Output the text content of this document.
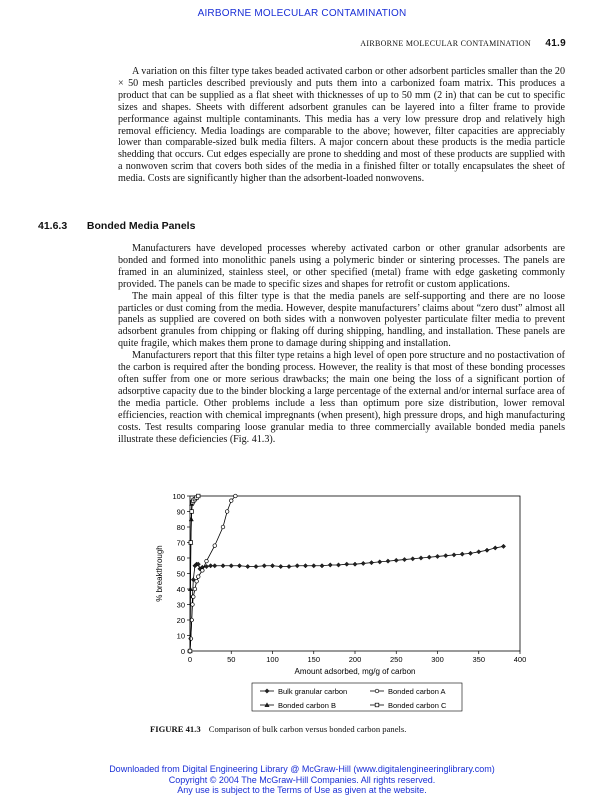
AIRBORNE MOLECULAR CONTAMINATION
AIRBORNE MOLECULAR CONTAMINATION 41.9

A variation on this filter type takes beaded activated carbon or other adsorbent particles smaller than the 20 × 50 mesh particles described previously and puts them into a carbonized foam matrix. This produces a product that can be supplied as a flat sheet with thicknesses of up to 50 mm (2 in) that can be cut to specific sizes and shapes. Sheets with different adsorbent granules can be layered into a filter frame to provide performance against multiple contaminants. This media has a very low pressure drop and relatively high removal efficiency. Media loadings are comparable to the above; however, filter capacities are appreciably lower than comparable-sized bulk media filters. A major concern about these products is the media particle shedding that occurs. Cut edges especially are prone to shedding and most of these products are supplied with a nonwoven scrim that covers both sides of the media in a finished filter or totally encapsulates the sheet of media. Costs are significantly higher than the adsorbent-loaded nonwovens.

41.6.3 Bonded Media Panels

Manufacturers have developed processes whereby activated carbon or other granular adsorbents are bonded and formed into monolithic panels using a polymeric binder or sintering processes. The panels are framed in an aluminized, stainless steel, or other specified (metal) frame with edge gasketing commonly provided. The panels can be made to specific sizes and shapes for retrofit or custom applications.

The main appeal of this filter type is that the media panels are self-supporting and there are no loose particles or dust coming from the media. However, despite manufacturers’ claims about “zero dust” almost all panels as supplied are covered on both sides with a nonwoven polyester particulate filter media to prevent adsorbent granules from chipping or flaking off during shipping, handling, and installation. These panels are quite fragile, which makes them prone to damage during shipping and installation.

Manufacturers report that this filter type retains a high level of open pore structure and no postactivation of the carbon is required after the bonding process. However, the reality is that most of these bonding processes often suffer from one or more serious drawbacks; the main one being the loss of a significant portion of adsorptive capacity due to the binder blocking a large percentage of the external and/or internal surface area of the media particle. Other problems include a less than optimum pore size distribution, lower removal efficiencies, reaction with chemical impregnants (when present), high pressure drops, and high manufacturing costs. Test results comparing loose granular media to three commercially available bonded media panels illustrate these deficiencies (Fig. 41.3).

0
10
20
30
40
50
60
70
80
90
100
0	50	100	150	200	250	300	350	400
Amount adsorbed, mg/g of carbon
% breakthrough
Bulk granular carbon	Bonded carbon A
Bonded carbon B	Bonded carbon C
FIGURE 41.3 Comparison of bulk carbon versus bonded carbon panels.
Downloaded from Digital Engineering Library @ McGraw-Hill (www.digitalengineeringlibrary.com)
Copyright © 2004 The McGraw-Hill Companies. All rights reserved.
Any use is subject to the Terms of Use as given at the website.
